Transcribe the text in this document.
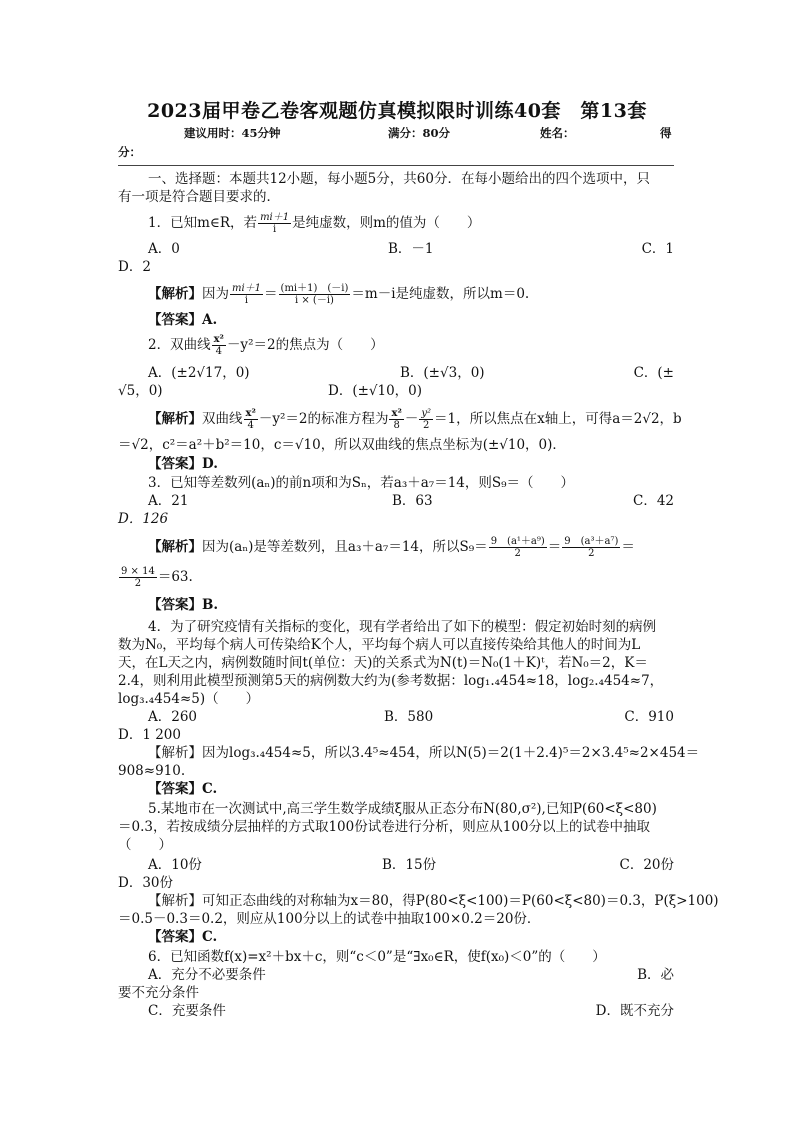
2023届甲卷乙卷客观题仿真模拟限时训练40套　第13套
建议用时：45分钟	满分：80分	姓名：	得
分：
一、选择题：本题共12小题，每小题5分，共60分．在每小题给出的四个选项中，只
有一项是符合题目要求的．
1．已知m∈R，若 $\frac{mi+1}{i}$ 是纯虚数，则m的值为（　　）
A．0	B．－1	C．1
D．2
【解析】因为 $\frac{mi+1}{i} = \frac{(mi+1) (-i)}{i \times (-i)} =m-i$是纯虚数，所以m＝0.
【答案】A.
2．双曲线 $\frac{\text{x²}}{4} -y^2=2$的焦点为（　　）
A．(±2√17，0)	B．(±√3，0)	C．(±
√5，0)	D．(±√10，0)
【解析】双曲线 $\frac{\text{x²}}{4} -y^2=2$的标准方程为 $\frac{\text{x²}}{8} - \frac{\text{y²}}{2} =1$，所以焦点在x轴上，可得a＝2√2，b
＝√2，c²＝a²＋b²＝10，c＝√10，所以双曲线的焦点坐标为(±√10，0)．
【答案】D.
3．已知等差数列(aₙ)的前n项和为Sₙ，若a₃＋a₇＝14，则S₉＝（　　）
A．21	B．63	C．42
D．126
【解析】因为(aₙ)是等差数列，且a₃＋a₇＝14，所以$S_9= \frac{\text{9　(a¹＋a⁹)}}{2} = \frac{\text{9　(a³＋a⁷)}}{2}$ ＝
$\frac{9 \times 14}{2} =63$.
【答案】B.
4．为了研究疫情有关指标的变化，现有学者给出了如下的模型：假定初始时刻的病例
数为N₀，平均每个病人可传染给K个人，平均每个病人可以直接传染给其他人的时间为L
天，在L天之内，病例数随时间t(单位：天)的关系式为N(t)＝N₀(1＋K)ᵗ，若N₀＝2，K＝
2.4，则利用此模型预测第5天的病例数大约为(参考数据：log₁.₄454≈18，log₂.₄454≈7，
log₃.₄454≈5)（　　）
A．260	B．580	C．910
D．1 200
【解析】因为log₃.₄454≈5，所以3.4⁵≈454，所以N(5)＝2(1＋2.4)⁵＝2×3.4⁵≈2×454＝
908≈910.
【答案】C.
5.某地市在一次测试中,高三学生数学成绩ξ服从正态分布N(80,σ²),已知P(60<ξ<80)
＝0.3，若按成绩分层抽样的方式取100份试卷进行分析，则应从100分以上的试卷中抽取
（　　）
A．10份	B．15份	C．20份
D．30份
【解析】可知正态曲线的对称轴为x＝80，得P(80<ξ<100)＝P(60<ξ<80)＝0.3，P(ξ>100)
＝0.5－0.3＝0.2，则应从100分以上的试卷中抽取100×0.2＝20份．
【答案】C.
6．已知函数f(x)=x²＋bx＋c，则“c＜0”是“∃x₀∈R，使f(x₀)＜0”的（　　）
A．充分不必要条件	B．必
要不充分条件
C．充要条件	D．既不充分
